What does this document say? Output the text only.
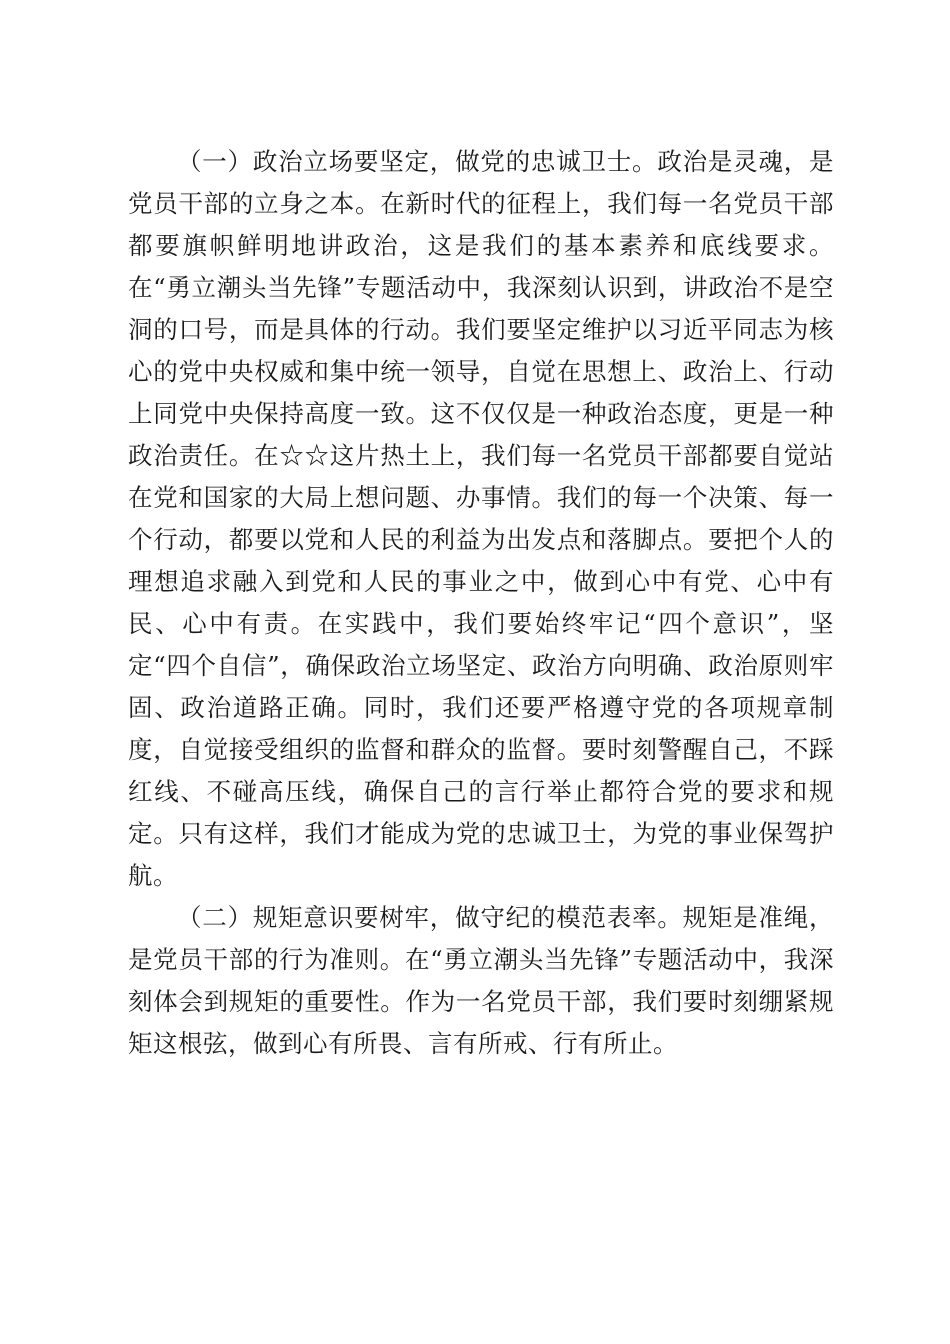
（一）政治立场要坚定，做党的忠诚卫士。政治是灵魂，是党员干部的立身之本。在新时代的征程上，我们每一名党员干部都要旗帜鲜明地讲政治，这是我们的基本素养和底线要求。在“勇立潮头当先锋”专题活动中，我深刻认识到，讲政治不是空洞的口号，而是具体的行动。我们要坚定维护以习近平同志为核心的党中央权威和集中统一领导，自觉在思想上、政治上、行动上同党中央保持高度一致。这不仅仅是一种政治态度，更是一种政治责任。在☆☆这片热土上，我们每一名党员干部都要自觉站在党和国家的大局上想问题、办事情。我们的每一个决策、每一个行动，都要以党和人民的利益为出发点和落脚点。要把个人的理想追求融入到党和人民的事业之中，做到心中有党、心中有民、心中有责。在实践中，我们要始终牢记“四个意识”，坚定“四个自信”，确保政治立场坚定、政治方向明确、政治原则牢固、政治道路正确。同时，我们还要严格遵守党的各项规章制度，自觉接受组织的监督和群众的监督。要时刻警醒自己，不踩红线、不碰高压线，确保自己的言行举止都符合党的要求和规定。只有这样，我们才能成为党的忠诚卫士，为党的事业保驾护航。

（二）规矩意识要树牢，做守纪的模范表率。规矩是准绳，是党员干部的行为准则。在“勇立潮头当先锋”专题活动中，我深刻体会到规矩的重要性。作为一名党员干部，我们要时刻绷紧规矩这根弦，做到心有所畏、言有所戒、行有所止。
